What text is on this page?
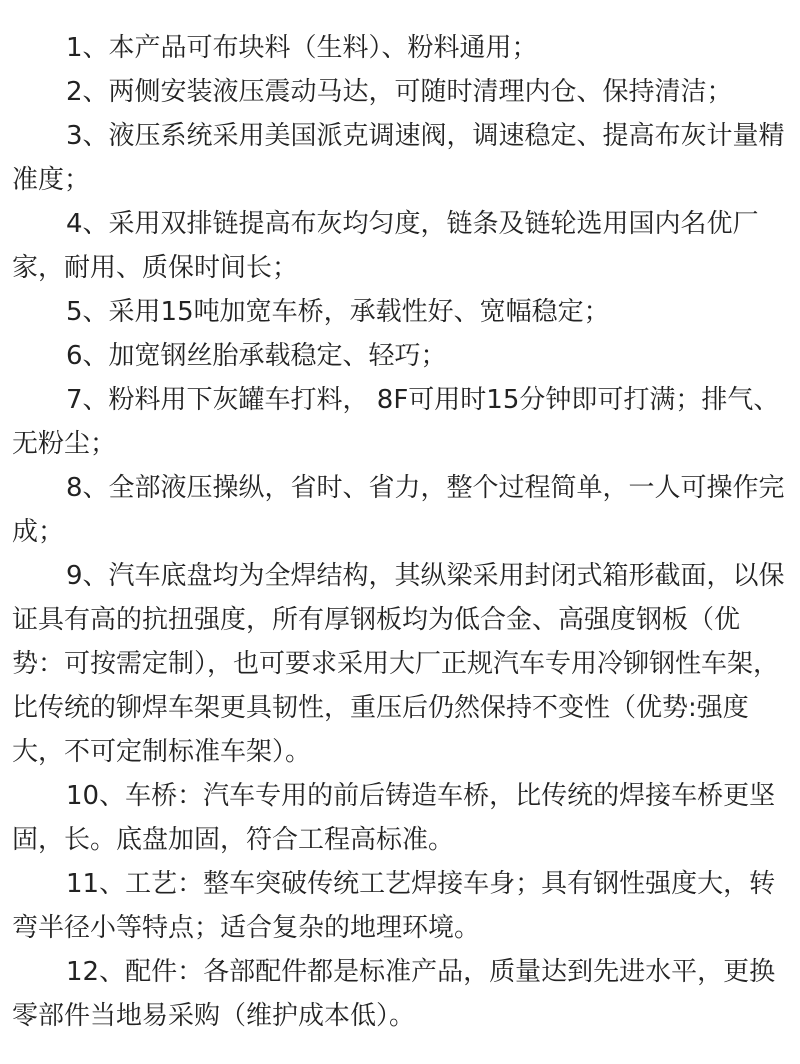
1、本产品可布块料（生料）、粉料通用；

2、两侧安装液压震动马达，可随时清理内仓、保持清洁；

3、液压系统采用美国派克调速阀，调速稳定、提高布灰计量精准度；

4、采用双排链提高布灰均匀度，链条及链轮选用国内名优厂家，耐用、质保时间长；

5、采用15吨加宽车桥，承载性好、宽幅稳定；

6、加宽钢丝胎承载稳定、轻巧；

7、粉料用下灰罐车打料， 8F可用时15分钟即可打满；排气、无粉尘；

8、全部液压操纵，省时、省力，整个过程简单，一人可操作完成；

9、汽车底盘均为全焊结构，其纵梁采用封闭式箱形截面，以保证具有高的抗扭强度，所有厚钢板均为低合金、高强度钢板（优势：可按需定制），也可要求采用大厂正规汽车专用冷铆钢性车架，比传统的铆焊车架更具韧性，重压后仍然保持不变性（优势:强度大，不可定制标准车架）。

10、车桥：汽车专用的前后铸造车桥，比传统的焊接车桥更坚固，长。底盘加固，符合工程高标准。

11、工艺：整车突破传统工艺焊接车身；具有钢性强度大，转弯半径小等特点；适合复杂的地理环境。

12、配件：各部配件都是标准产品，质量达到先进水平，更换零部件当地易采购（维护成本低）。
